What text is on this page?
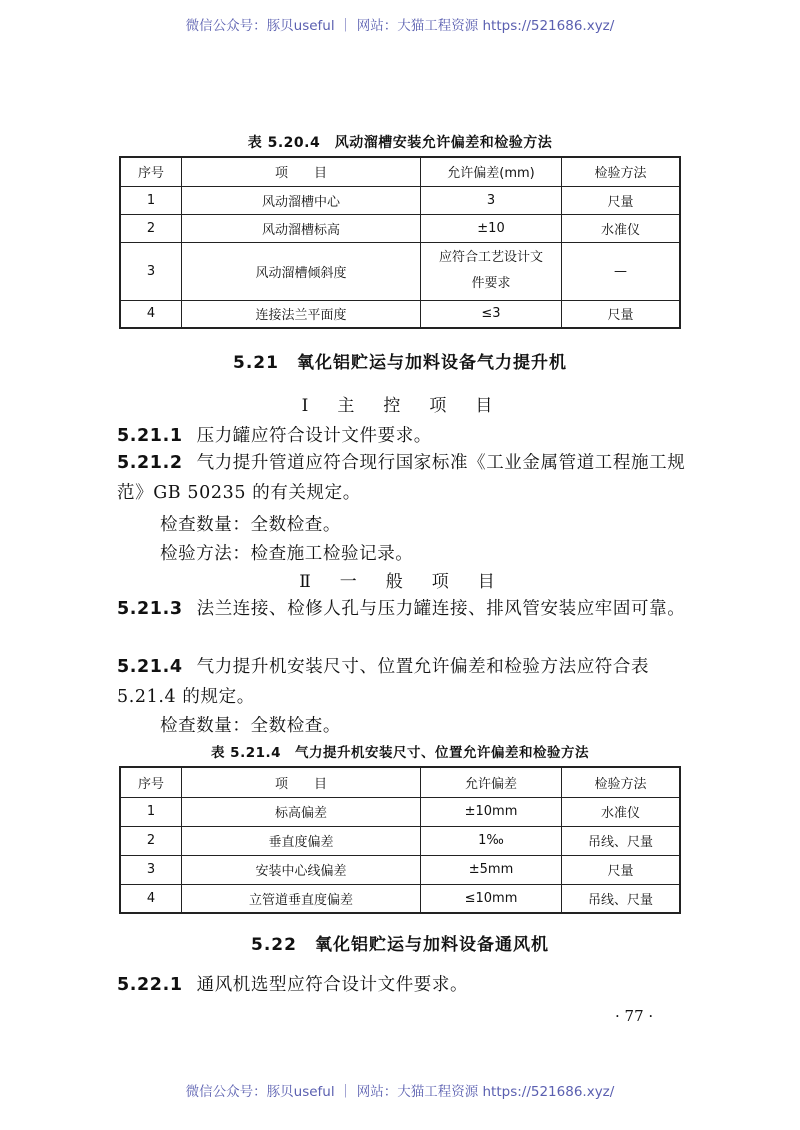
微信公众号：豚贝useful ｜ 网站：大猫工程资源 https://521686.xyz/
表 5.20.4　风动溜槽安装允许偏差和检验方法
序号	项　　目	允许偏差(mm)	检验方法
1	风动溜槽中心	3	尺量
2	风动溜槽标高	±10	水准仪
3	风动溜槽倾斜度	应符合工艺设计文件要求	—
4	连接法兰平面度	≤3	尺量
5.21　氧化铝贮运与加料设备气力提升机
Ⅰ　主　控　项　目
5.21.1 压力罐应符合设计文件要求。
5.21.2 气力提升管道应符合现行国家标准《工业金属管道工程施工规范》GB 50235 的有关规定。
检查数量：全数检查。
检验方法：检查施工检验记录。
Ⅱ　一　般　项　目
5.21.3 法兰连接、检修人孔与压力罐连接、排风管安装应牢固可靠。
5.21.4 气力提升机安装尺寸、位置允许偏差和检验方法应符合表 5.21.4 的规定。
检查数量：全数检查。
表 5.21.4　气力提升机安装尺寸、位置允许偏差和检验方法
序号	项　　目	允许偏差	检验方法
1	标高偏差	±10mm	水准仪
2	垂直度偏差	1‰	吊线、尺量
3	安装中心线偏差	±5mm	尺量
4	立管道垂直度偏差	≤10mm	吊线、尺量
5.22　氧化铝贮运与加料设备通风机
5.22.1 通风机选型应符合设计文件要求。
· 77 ·
微信公众号：豚贝useful ｜ 网站：大猫工程资源 https://521686.xyz/
